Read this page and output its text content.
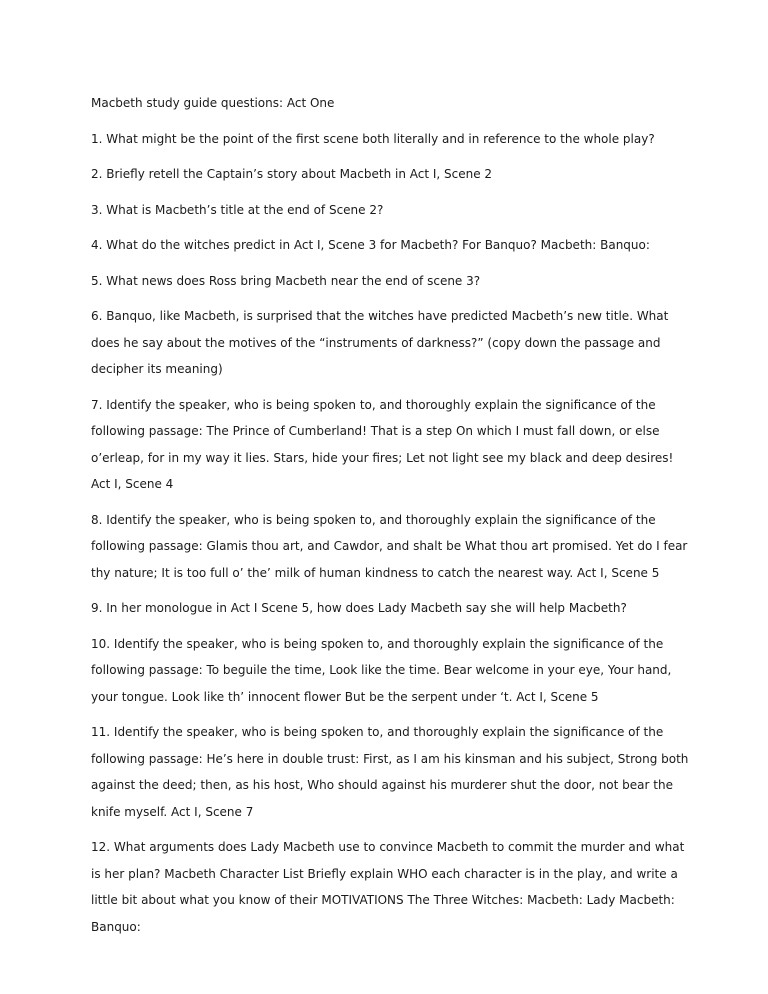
Macbeth study guide questions: Act One

1. What might be the point of the first scene both literally and in reference to the whole play?

2. Briefly retell the Captain’s story about Macbeth in Act I, Scene 2

3. What is Macbeth’s title at the end of Scene 2?

4. What do the witches predict in Act I, Scene 3 for Macbeth? For Banquo? Macbeth: Banquo:

5. What news does Ross bring Macbeth near the end of scene 3?

6. Banquo, like Macbeth, is surprised that the witches have predicted Macbeth’s new title. What does he say about the motives of the “instruments of darkness?” (copy down the passage and decipher its meaning)

7. Identify the speaker, who is being spoken to, and thoroughly explain the significance of the following passage: The Prince of Cumberland! That is a step On which I must fall down, or else o’erleap, for in my way it lies. Stars, hide your fires; Let not light see my black and deep desires! Act I, Scene 4

8. Identify the speaker, who is being spoken to, and thoroughly explain the significance of the following passage: Glamis thou art, and Cawdor, and shalt be What thou art promised. Yet do I fear thy nature; It is too full o’ the’ milk of human kindness to catch the nearest way. Act I, Scene 5

9. In her monologue in Act I Scene 5, how does Lady Macbeth say she will help Macbeth?

10. Identify the speaker, who is being spoken to, and thoroughly explain the significance of the following passage: To beguile the time, Look like the time. Bear welcome in your eye, Your hand, your tongue. Look like th’ innocent flower But be the serpent under ‘t. Act I, Scene 5

11. Identify the speaker, who is being spoken to, and thoroughly explain the significance of the following passage: He’s here in double trust: First, as I am his kinsman and his subject, Strong both against the deed; then, as his host, Who should against his murderer shut the door, not bear the knife myself. Act I, Scene 7

12. What arguments does Lady Macbeth use to convince Macbeth to commit the murder and what is her plan? Macbeth Character List Briefly explain WHO each character is in the play, and write a little bit about what you know of their MOTIVATIONS The Three Witches: Macbeth: Lady Macbeth: Banquo:
